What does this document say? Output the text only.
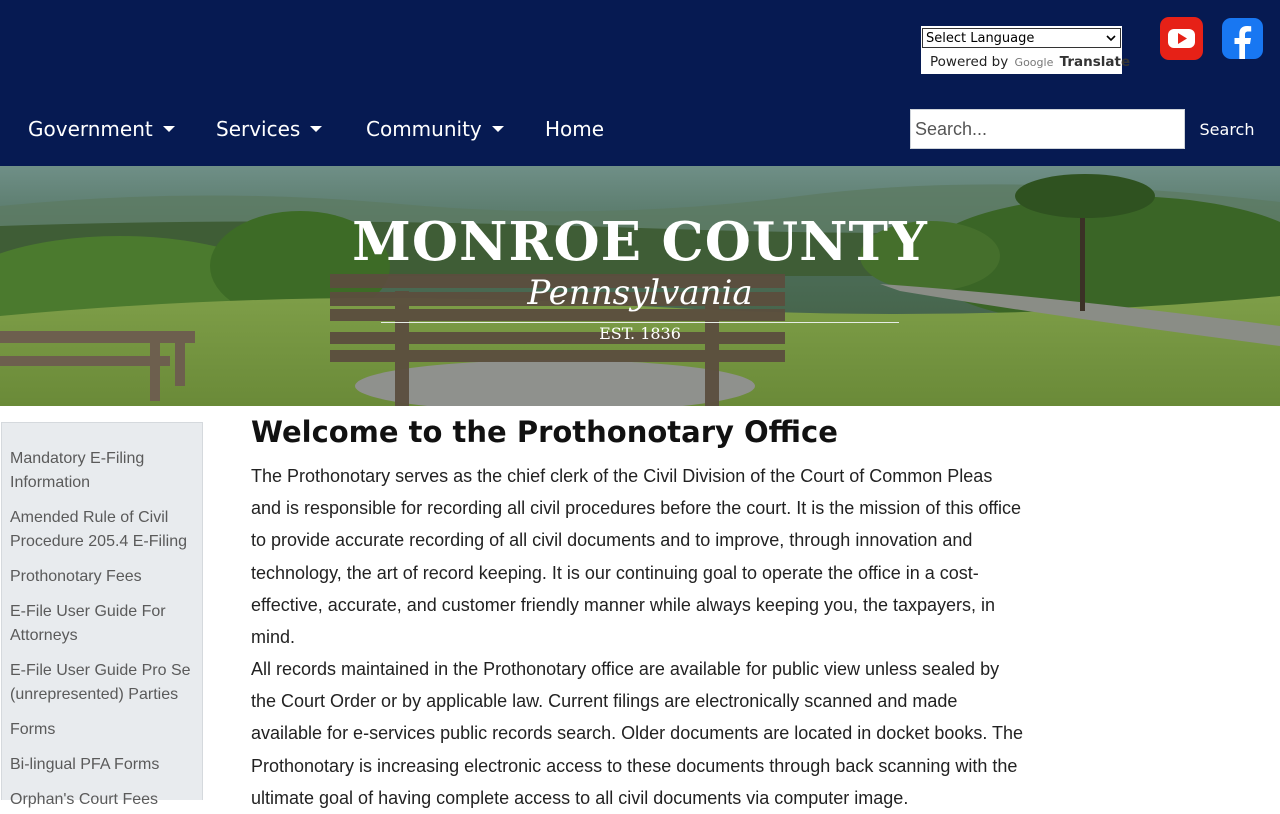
Select Language
Powered by Google Translate
Government	Services	Community	Home
Search...	Search
MONROE COUNTY
Pennsylvania
EST. 1836
Mandatory E-Filing Information
Amended Rule of Civil Procedure 205.4 E-Filing
Prothonotary Fees
E-File User Guide For Attorneys
E-File User Guide Pro Se (unrepresented) Parties
Forms
Bi-lingual PFA Forms
Orphan's Court Fees
Welcome to the Prothonotary Office

The Prothonotary serves as the chief clerk of the Civil Division of the Court of Common Pleas and is responsible for recording all civil procedures before the court. It is the mission of this office to provide accurate recording of all civil documents and to improve, through innovation and technology, the art of record keeping. It is our continuing goal to operate the office in a cost-effective, accurate, and customer friendly manner while always keeping you, the taxpayers, in mind.

All records maintained in the Prothonotary office are available for public view unless sealed by the Court Order or by applicable law. Current filings are electronically scanned and made available for e-services public records search. Older documents are located in docket books. The Prothonotary is increasing electronic access to these documents through back scanning with the ultimate goal of having complete access to all civil documents via computer image.
